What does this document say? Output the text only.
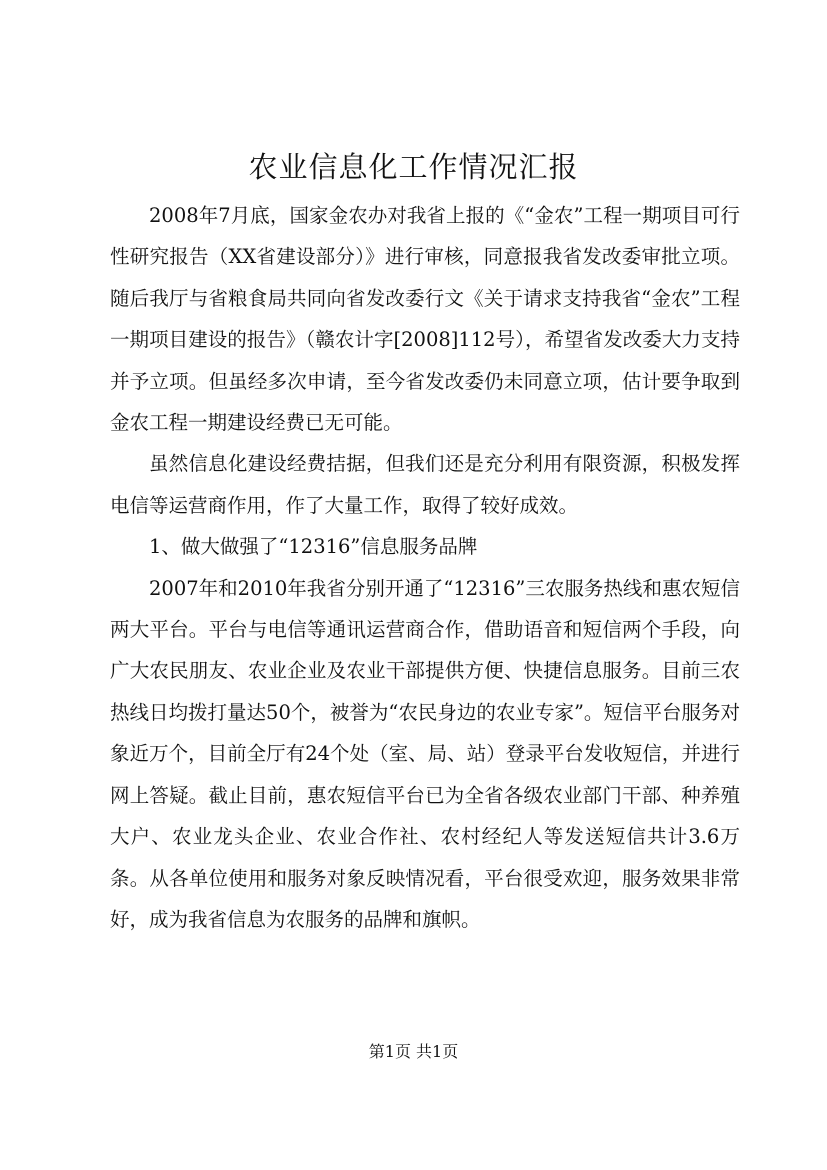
农业信息化工作情况汇报

2008年7月底，国家金农办对我省上报的《“金农”工程一期项目可行性研究报告（XX省建设部分）》进行审核，同意报我省发改委审批立项。随后我厅与省粮食局共同向省发改委行文《关于请求支持我省“金农”工程一期项目建设的报告》（赣农计字[2008]112号），希望省发改委大力支持并予立项。但虽经多次申请，至今省发改委仍未同意立项，估计要争取到金农工程一期建设经费已无可能。

虽然信息化建设经费拮据，但我们还是充分利用有限资源，积极发挥电信等运营商作用，作了大量工作，取得了较好成效。

1、做大做强了“12316”信息服务品牌

2007年和2010年我省分别开通了“12316”三农服务热线和惠农短信两大平台。平台与电信等通讯运营商合作，借助语音和短信两个手段，向广大农民朋友、农业企业及农业干部提供方便、快捷信息服务。目前三农热线日均拨打量达50个，被誉为“农民身边的农业专家”。短信平台服务对象近万个，目前全厅有24个处（室、局、站）登录平台发收短信，并进行网上答疑。截止目前，惠农短信平台已为全省各级农业部门干部、种养殖大户、农业龙头企业、农业合作社、农村经纪人等发送短信共计3.6万条。从各单位使用和服务对象反映情况看，平台很受欢迎，服务效果非常好，成为我省信息为农服务的品牌和旗帜。

第1页 共1页
